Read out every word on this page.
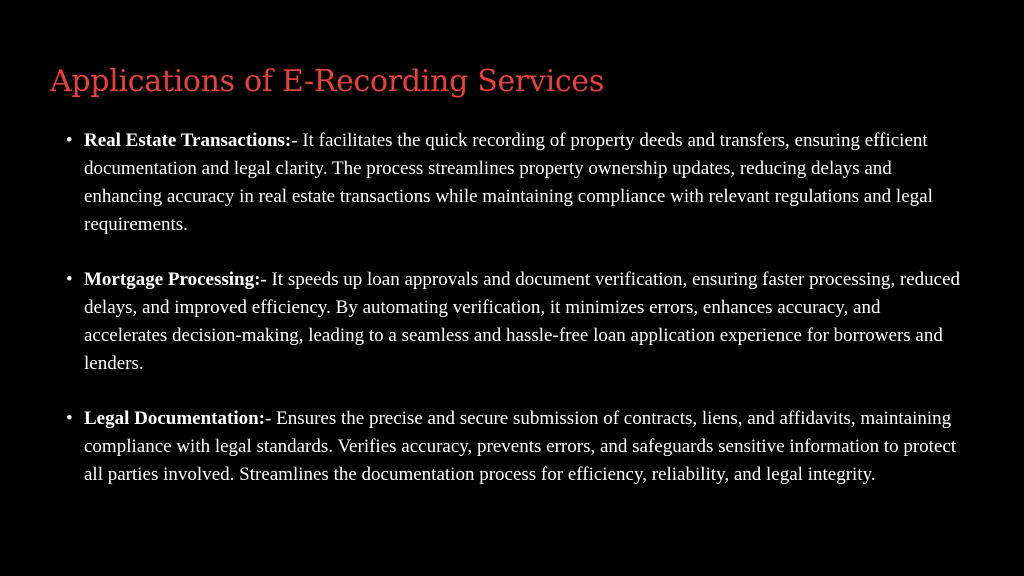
Applications of E-Recording Services
• Real Estate Transactions:- It facilitates the quick recording of property deeds and transfers, ensuring efficient documentation and legal clarity. The process streamlines property ownership updates, reducing delays and enhancing accuracy in real estate transactions while maintaining compliance with relevant regulations and legal requirements.
• Mortgage Processing:- It speeds up loan approvals and document verification, ensuring faster processing, reduced delays, and improved efficiency. By automating verification, it minimizes errors, enhances accuracy, and accelerates decision-making, leading to a seamless and hassle-free loan application experience for borrowers and lenders.
• Legal Documentation:- Ensures the precise and secure submission of contracts, liens, and affidavits, maintaining compliance with legal standards. Verifies accuracy, prevents errors, and safeguards sensitive information to protect all parties involved. Streamlines the documentation process for efficiency, reliability, and legal integrity.
